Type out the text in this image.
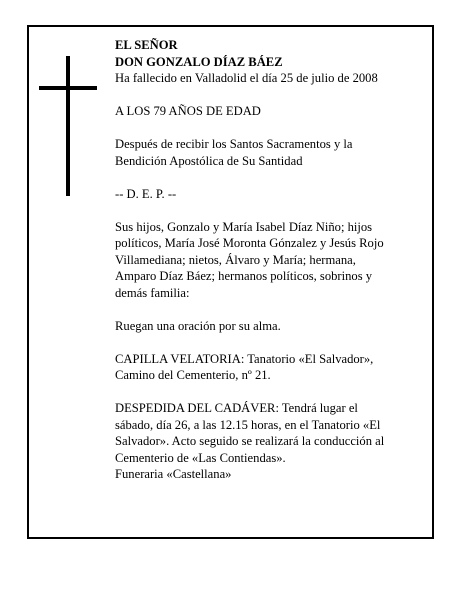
EL SEÑOR
DON GONZALO DÍAZ BÁEZ
Ha fallecido en Valladolid el día 25 de julio de 2008
A LOS 79 AÑOS DE EDAD
Después de recibir los Santos Sacramentos y la
Bendición Apostólica de Su Santidad
-- D. E. P. --
Sus hijos, Gonzalo y María Isabel Díaz Niño; hijos
políticos, María José Moronta Gónzalez y Jesús Rojo
Villamediana; nietos, Álvaro y María; hermana,
Amparo Díaz Báez; hermanos políticos, sobrinos y
demás familia:
Ruegan una oración por su alma.
CAPILLA VELATORIA: Tanatorio «El Salvador»,
Camino del Cementerio, nº 21.
DESPEDIDA DEL CADÁVER: Tendrá lugar el
sábado, día 26, a las 12.15 horas, en el Tanatorio «El
Salvador». Acto seguido se realizará la conducción al
Cementerio de «Las Contiendas».
Funeraria «Castellana»
